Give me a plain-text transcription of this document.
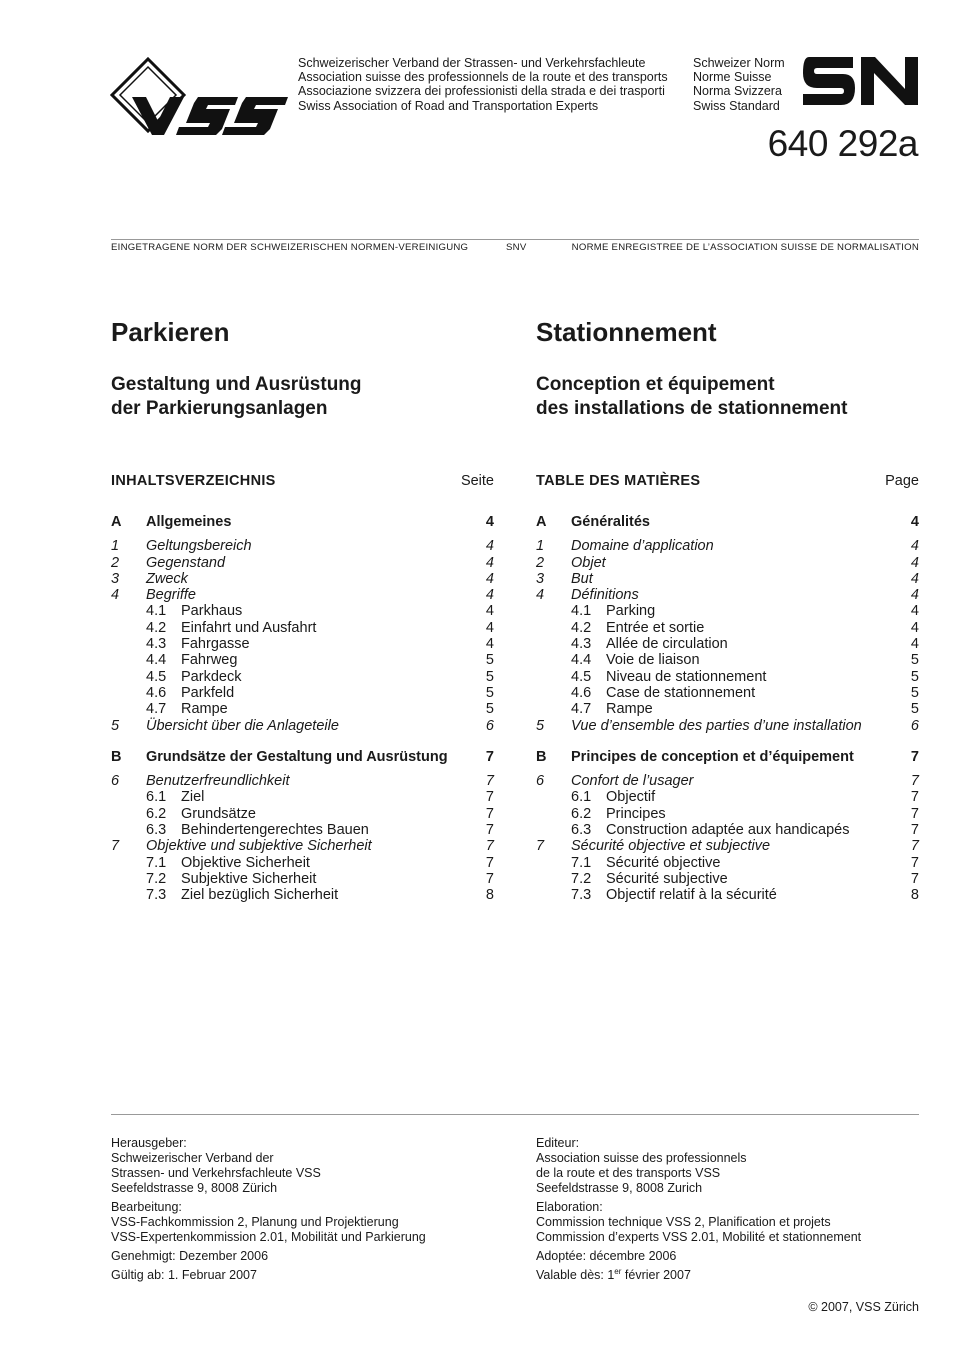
Schweizerischer Verband der Strassen- und Verkehrsfachleute
Association suisse des professionnels de la route et des transports
Associazione svizzera dei professionisti della strada e dei trasporti
Swiss Association of Road and Transportation Experts
Schweizer Norm
Norme Suisse
Norma Svizzera
Swiss Standard
640 292a
EINGETRAGENE NORM DER SCHWEIZERISCHEN NORMEN-VEREINIGUNG	SNV	NORME ENREGISTREE DE L’ASSOCIATION SUISSE DE NORMALISATION
Parkieren
Gestaltung und Ausrüstung
der Parkierungsanlagen
INHALTSVERZEICHNIS	Seite
A	Allgemeines	4
1	Geltungsbereich	4
2	Gegenstand	4
3	Zweck	4
4	Begriffe	4
4.1	Parkhaus	4
4.2	Einfahrt und Ausfahrt	4
4.3	Fahrgasse	4
4.4	Fahrweg	5
4.5	Parkdeck	5
4.6	Parkfeld	5
4.7	Rampe	5
5	Übersicht über die Anlageteile	6
B	Grundsätze der Gestaltung und Ausrüstung	7
6	Benutzerfreundlichkeit	7
6.1	Ziel	7
6.2	Grundsätze	7
6.3	Behindertengerechtes Bauen	7
7	Objektive und subjektive Sicherheit	7
7.1	Objektive Sicherheit	7
7.2	Subjektive Sicherheit	7
7.3	Ziel bezüglich Sicherheit	8
Stationnement
Conception et équipement
des installations de stationnement
TABLE DES MATIÈRES	Page
A	Généralités	4
1	Domaine d’application	4
2	Objet	4
3	But	4
4	Définitions	4
4.1	Parking	4
4.2	Entrée et sortie	4
4.3	Allée de circulation	4
4.4	Voie de liaison	5
4.5	Niveau de stationnement	5
4.6	Case de stationnement	5
4.7	Rampe	5
5	Vue d’ensemble des parties d’une installation	6
B	Principes de conception et d’équipement	7
6	Confort de l’usager	7
6.1	Objectif	7
6.2	Principes	7
6.3	Construction adaptée aux handicapés	7
7	Sécurité objective et subjective	7
7.1	Sécurité objective	7
7.2	Sécurité subjective	7
7.3	Objectif relatif à la sécurité	8
Herausgeber:
Schweizerischer Verband der
Strassen- und Verkehrsfachleute VSS
Seefeldstrasse 9, 8008 Zürich
Bearbeitung:
VSS-Fachkommission 2, Planung und Projektierung
VSS-Expertenkommission 2.01, Mobilität und Parkierung
Genehmigt: Dezember 2006
Gültig ab: 1. Februar 2007
Editeur:
Association suisse des professionnels
de la route et des transports VSS
Seefeldstrasse 9, 8008 Zurich
Elaboration:
Commission technique VSS 2, Planification et projets
Commission d’experts VSS 2.01, Mobilité et stationnement
Adoptée: décembre 2006
Valable dès: 1er février 2007
© 2007, VSS Zürich
